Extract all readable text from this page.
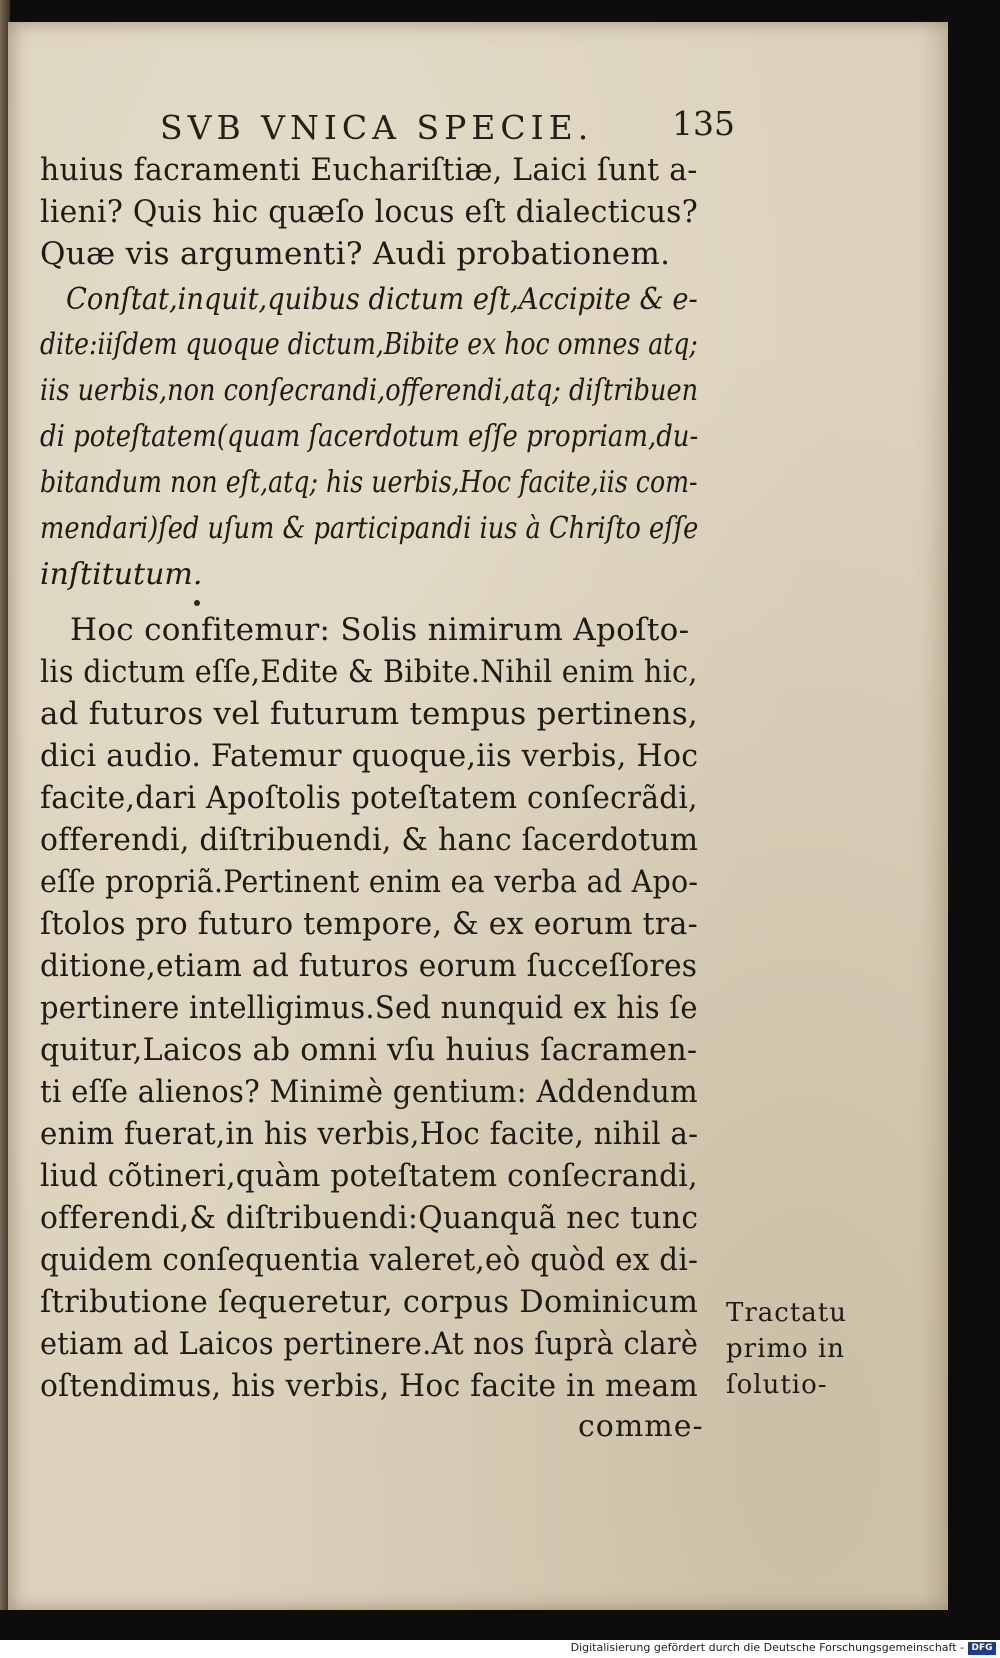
SVB VNICA SPECIE. 135

huius facramenti Euchariſtiæ, Laici ſunt a-

lieni? Quis hic quæſo locus eſt dialecticus?

Quæ vis argumenti? Audi probationem.

Conſtat,inquit,quibus dictum eſt,Accipite & e-

dite:iiſdem quoque dictum,Bibite ex hoc omnes atq;

iis uerbis,non conſecrandi,offerendi,atq; diſtribuen

di poteſtatem(quam ſacerdotum eſſe propriam,du-

bitandum non eſt,atq; his uerbis,Hoc facite,iis com-

mendari)ſed uſum & participandi ius à Chriſto eſſe

inſtitutum.

Hoc confitemur: Solis nimirum Apoſto-

lis dictum eſſe,Edite & Bibite.Nihil enim hic,

ad futuros vel futurum tempus pertinens,

dici audio. Fatemur quoque,iis verbis, Hoc

facite,dari Apoſtolis poteſtatem conſecrãdi,

offerendi, diſtribuendi, & hanc ſacerdotum

eſſe propriã.Pertinent enim ea verba ad Apo-

ſtolos pro futuro tempore, & ex eorum tra-

ditione,etiam ad futuros eorum ſucceſſores

pertinere intelligimus.Sed nunquid ex his ſe

quitur,Laicos ab omni vſu huius ſacramen-

ti eſſe alienos? Minimè gentium: Addendum

enim fuerat,in his verbis,Hoc facite, nihil a-

liud cõtineri,quàm poteſtatem conſecrandi,

offerendi,& diſtribuendi:Quanquã nec tunc

quidem conſequentia valeret,eò quòd ex di-

ſtributione ſequeretur, corpus Dominicum

etiam ad Laicos pertinere.At nos ſuprà clarè

oſtendimus, his verbis, Hoc facite in meam

Tractatu

primo in

ſolutio-

comme-

Digitalisierung gefördert durch die Deutsche Forschungsgemeinschaft - DFG
